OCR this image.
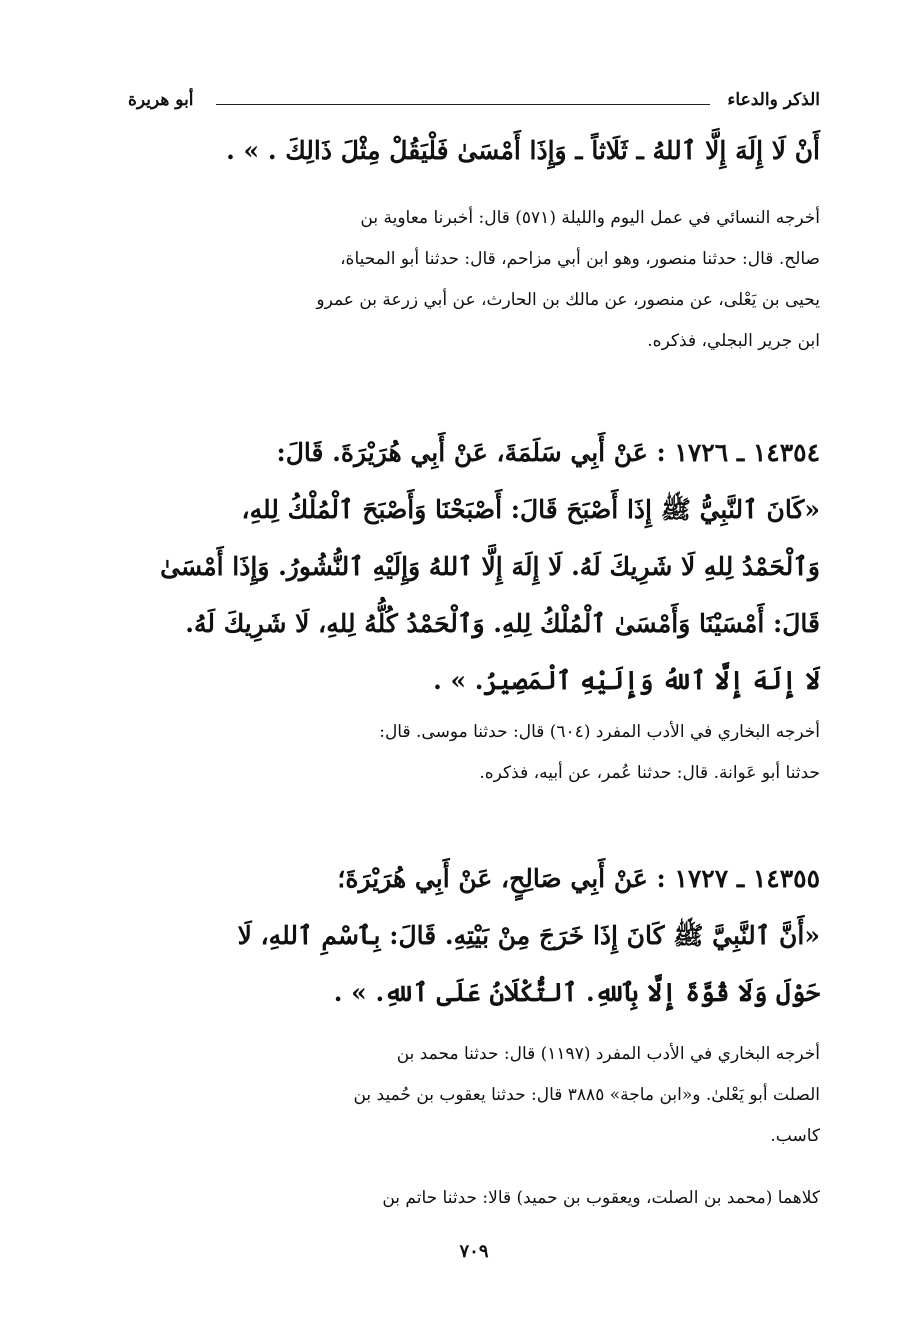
الذكر والدعاء
أبو هريرة

أَنْ لَا إِلَهَ إِلَّا ٱللهُ ـ ثَلَاثاً ـ وَإِذَا أَمْسَىٰ فَلْيَقُلْ مِثْلَ ذَالِكَ . » .

أخرجه النسائي في عمل اليوم والليلة (٥٧١) قال: أخبرنا معاوية بن

صالح. قال: حدثنا منصور، وهو ابن أبي مزاحم، قال: حدثنا أبو المحياة،

يحيى بن يَعْلى، عن منصور، عن مالك بن الحارث، عن أبي زرعة بن عمرو

ابن جرير البجلي، فذكره.

١٤٣٥٤ ـ ١٧٢٦ : عَنْ أَبِي سَلَمَةَ، عَنْ أَبِي هُرَيْرَةَ. قَالَ:

«كَانَ ٱلنَّبِيُّ ﷺ إِذَا أَصْبَحَ قَالَ: أَصْبَحْنَا وَأَصْبَحَ ٱلْمُلْكُ لِلهِ،

وَٱلْحَمْدُ لِلهِ لَا شَرِيكَ لَهُ. لَا إِلَهَ إِلَّا ٱللهُ وَإِلَيْهِ ٱلنُّشُورُ. وَإِذَا أَمْسَىٰ

قَالَ: أَمْسَيْنَا وَأَمْسَىٰ ٱلْمُلْكُ لِلهِ. وَٱلْحَمْدُ كُلُّهُ لِلهِ، لَا شَرِيكَ لَهُ.

لَا إِلَهَ إِلَّا ٱللهُ وَإِلَيْهِ ٱلْمَصِيرُ. » .

أخرجه البخاري في الأدب المفرد (٦٠٤) قال: حدثنا موسى. قال:

حدثنا أبو عَوانة. قال: حدثنا عُمر، عن أبيه، فذكره.

١٤٣٥٥ ـ ١٧٢٧ : عَنْ أَبِي صَالِحٍ، عَنْ أَبِي هُرَيْرَةَ؛

«أَنَّ ٱلنَّبِيَّ ﷺ كَانَ إِذَا خَرَجَ مِنْ بَيْتِهِ. قَالَ: بِٱسْمِ ٱللهِ، لَا

حَوْلَ وَلَا قُوَّةَ إِلَّا بِٱللهِ. ٱلتُّكْلَانُ عَلَى ٱللهِ. » .

أخرجه البخاري في الأدب المفرد (١١٩٧) قال: حدثنا محمد بن

الصلت أبو يَعْلىٰ. و«ابن ماجة» ٣٨٨٥ قال: حدثنا يعقوب بن حُميد بن

كاسب.

كلاهما (محمد بن الصلت، ويعقوب بن حميد) قالا: حدثنا حاتم بن

٧٠٩
